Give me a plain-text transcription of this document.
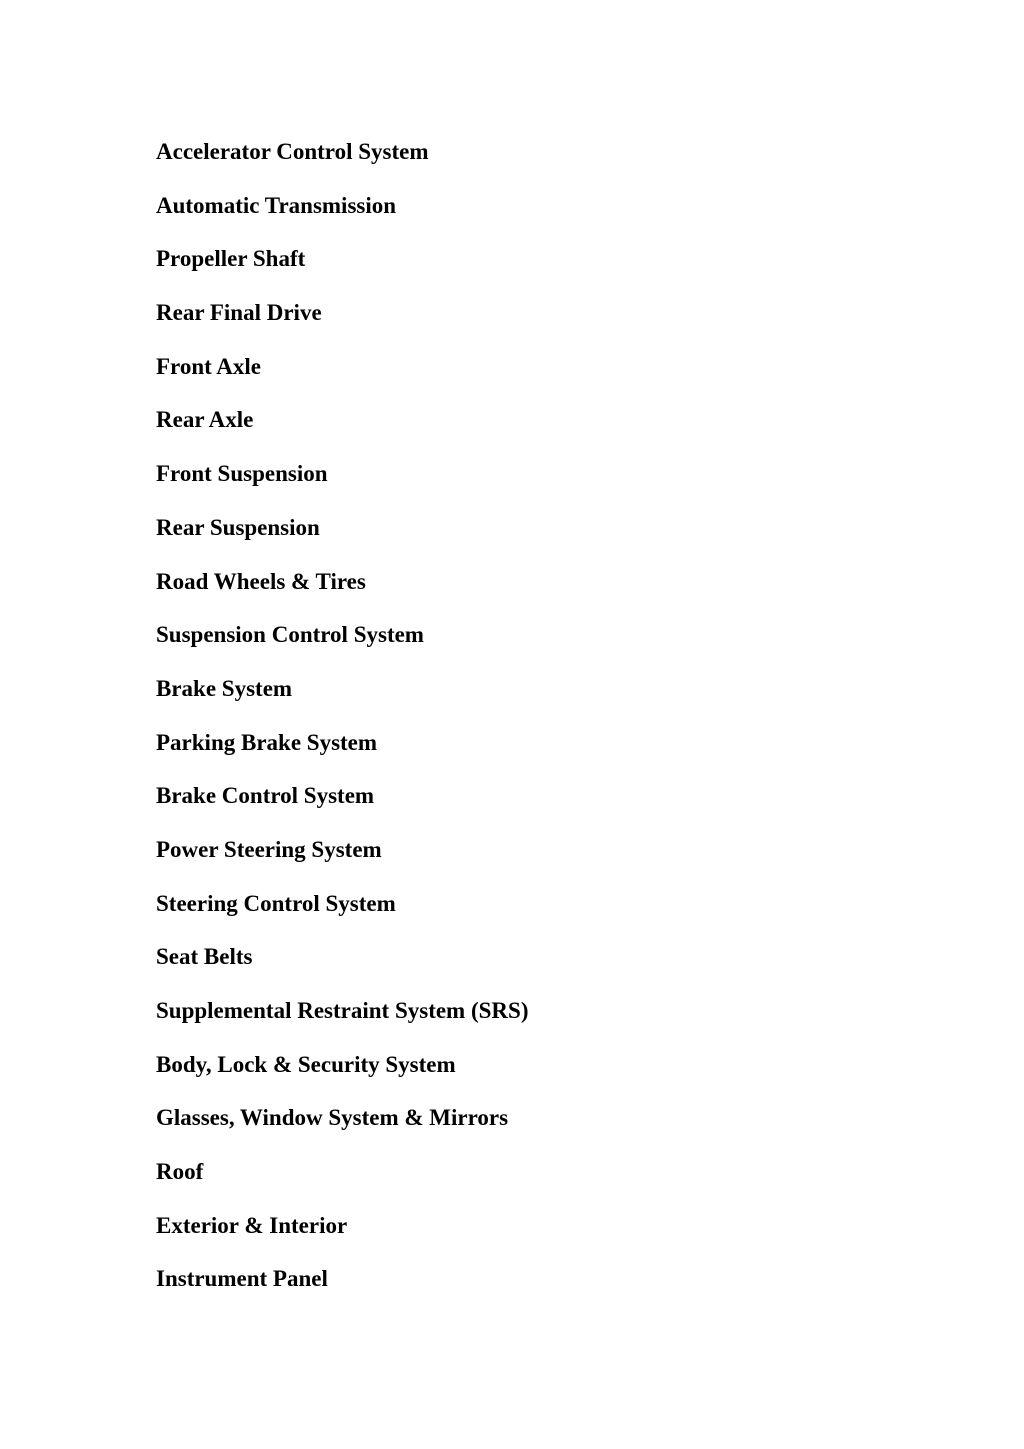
Accelerator Control System
Automatic Transmission
Propeller Shaft
Rear Final Drive
Front Axle
Rear Axle
Front Suspension
Rear Suspension
Road Wheels & Tires
Suspension Control System
Brake System
Parking Brake System
Brake Control System
Power Steering System
Steering Control System
Seat Belts
Supplemental Restraint System (SRS)
Body, Lock & Security System
Glasses, Window System & Mirrors
Roof
Exterior & Interior
Instrument Panel
